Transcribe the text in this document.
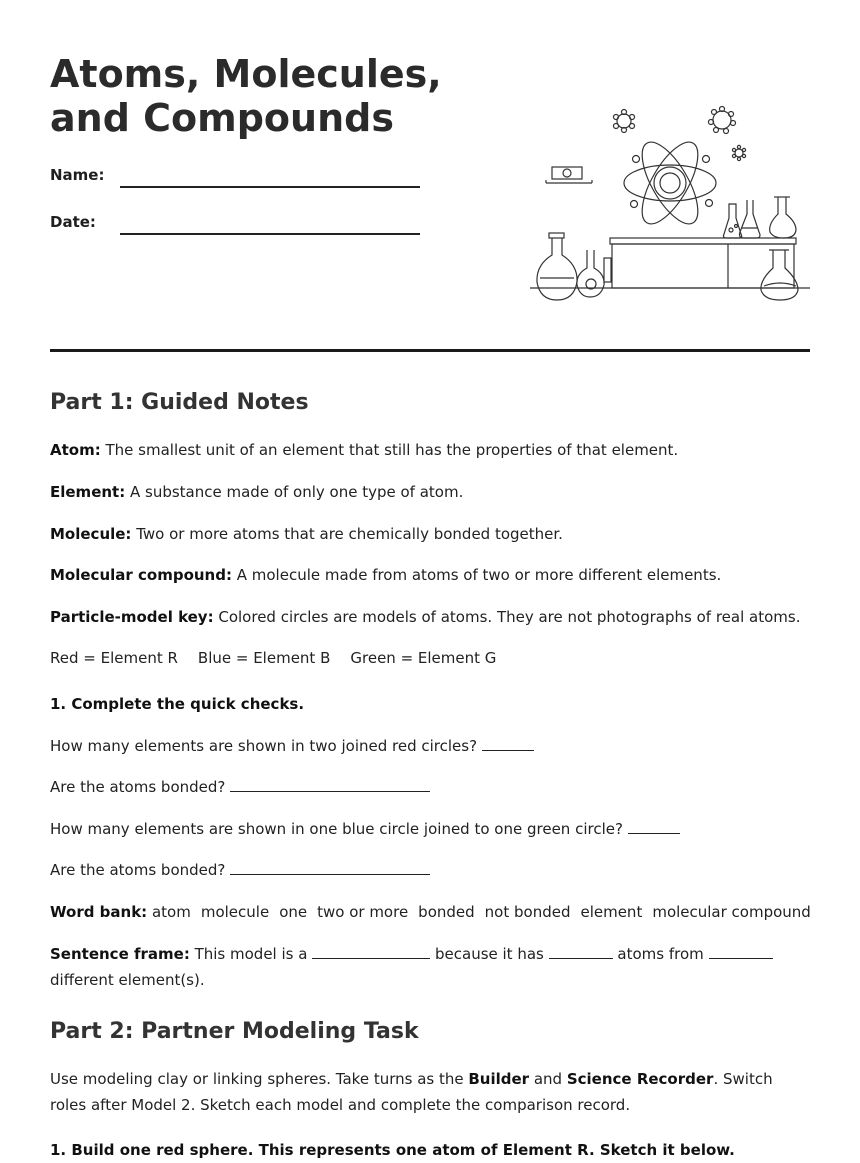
Atoms, Molecules, and Compounds
Name:
Date:
Part 1: Guided Notes

Atom: The smallest unit of an element that still has the properties of that element.

Element: A substance made of only one type of atom.

Molecule: Two or more atoms that are chemically bonded together.

Molecular compound: A molecule made from atoms of two or more different elements.

Particle-model key: Colored circles are models of atoms. They are not photographs of real atoms.

Red = Element R Blue = Element B Green = Element G

1. Complete the quick checks.

How many elements are shown in two joined red circles?

Are the atoms bonded?

How many elements are shown in one blue circle joined to one green circle?

Are the atoms bonded?

Word bank: atom molecule one two or more bonded not bonded element molecular compound

Sentence frame: This model is a	because it has	atoms from  different element(s).

Part 2: Partner Modeling Task

Use modeling clay or linking spheres. Take turns as the Builder and Science Recorder. Switch roles after Model 2. Sketch each model and complete the comparison record.

1. Build one red sphere. This represents one atom of Element R. Sketch it below.
